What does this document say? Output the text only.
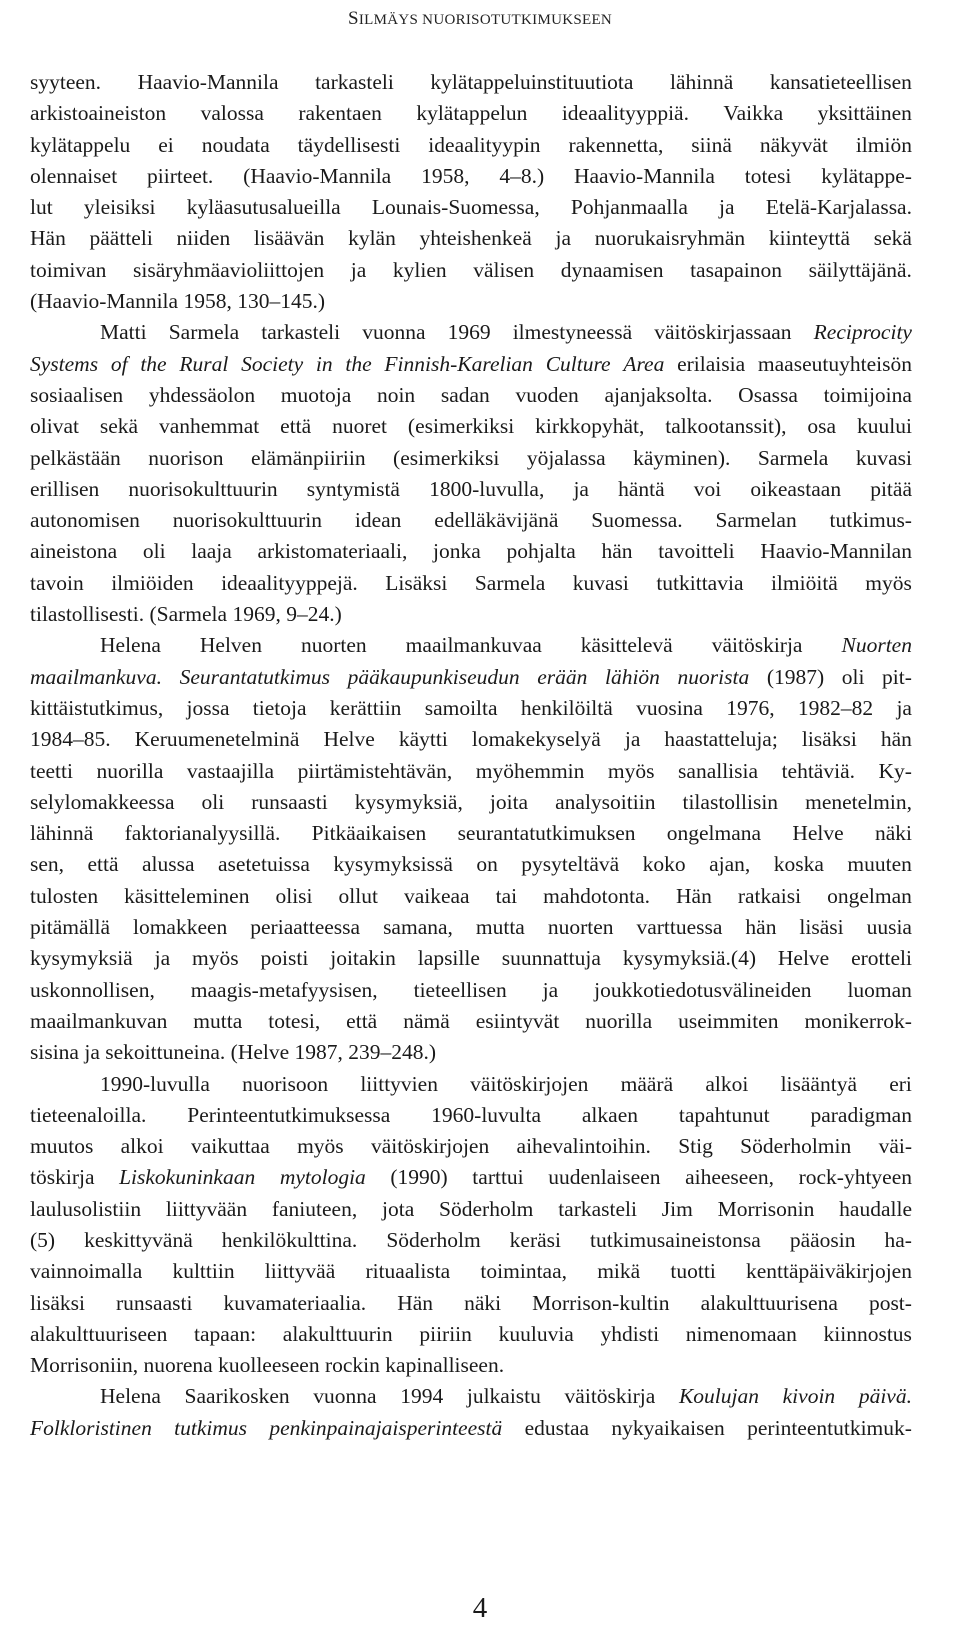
SILMÄYS NUORISOTUTKIMUKSEEN
syyteen. Haavio-Mannila tarkasteli kylätappeluinstituutiota lähinnä kansatieteellisen
arkistoaineiston valossa rakentaen kylätappelun ideaalityyppiä. Vaikka yksittäinen
kylätappelu ei noudata täydellisesti ideaalityypin rakennetta, siinä näkyvät ilmiön
olennaiset piirteet. (Haavio-Mannila 1958, 4–8.) Haavio-Mannila totesi kylätappe-
lut yleisiksi kyläasutusalueilla Lounais-Suomessa, Pohjanmaalla ja Etelä-Karjalassa.
Hän päätteli niiden lisäävän kylän yhteishenkeä ja nuorukaisryhmän kiinteyttä sekä
toimivan sisäryhmäavioliittojen ja kylien välisen dynaamisen tasapainon säilyttäjänä.
(Haavio-Mannila
1958,
130–145.)
Matti Sarmela tarkasteli vuonna 1969 ilmestyneessä väitöskirjassaan Reciprocity
Systems of the Rural Society in the Finnish-Karelian Culture Area erilaisia maaseutuyhteisön
sosiaalisen yhdessäolon muotoja noin sadan vuoden ajanjaksolta. Osassa toimijoina
olivat sekä vanhemmat että nuoret (esimerkiksi kirkkopyhät, talkootanssit), osa kuului
pelkästään nuorison elämänpiiriin (esimerkiksi yöjalassa käyminen). Sarmela kuvasi
erillisen nuorisokulttuurin syntymistä 1800-luvulla, ja häntä voi oikeastaan pitää
autonomisen nuorisokulttuurin idean edelläkävijänä Suomessa. Sarmelan tutkimus-
aineistona oli laaja arkistomateriaali, jonka pohjalta hän tavoitteli Haavio-Mannilan
tavoin ilmiöiden ideaalityyppejä. Lisäksi Sarmela kuvasi tutkittavia ilmiöitä myös
tilastollisesti.
(Sarmela
1969,
9–24.)
Helena Helven nuorten maailmankuvaa käsittelevä väitöskirja Nuorten
maailmankuva. Seurantatutkimus pääkaupunkiseudun erään lähiön nuorista (1987) oli pit-
kittäistutkimus, jossa tietoja kerättiin samoilta henkilöiltä vuosina 1976, 1982–82 ja
1984–85. Keruumenetelminä Helve käytti lomakekyselyä ja haastatteluja; lisäksi hän
teetti nuorilla vastaajilla piirtämistehtävän, myöhemmin myös sanallisia tehtäviä. Ky-
selylomakkeessa oli runsaasti kysymyksiä, joita analysoitiin tilastollisin menetelmin,
lähinnä faktorianalyysillä. Pitkäaikaisen seurantatutkimuksen ongelmana Helve näki
sen, että alussa asetetuissa kysymyksissä on pysyteltävä koko ajan, koska muuten
tulosten käsitteleminen olisi ollut vaikeaa tai mahdotonta. Hän ratkaisi ongelman
pitämällä lomakkeen periaatteessa samana, mutta nuorten varttuessa hän lisäsi uusia
kysymyksiä ja myös poisti joitakin lapsille suunnattuja kysymyksiä.(4) Helve erotteli
uskonnollisen, maagis-metafyysisen, tieteellisen ja joukkotiedotusvälineiden luoman
maailmankuvan mutta totesi, että nämä esiintyvät nuorilla useimmiten monikerrok-
sisina
ja
sekoittuneina.
(Helve
1987,
239–248.)
1990-luvulla nuorisoon liittyvien väitöskirjojen määrä alkoi lisääntyä eri
tieteenaloilla. Perinteentutkimuksessa 1960-luvulta alkaen tapahtunut paradigman
muutos alkoi vaikuttaa myös väitöskirjojen aihevalintoihin. Stig Söderholmin väi-
töskirja Liskokuninkaan mytologia (1990) tarttui uudenlaiseen aiheeseen, rock-yhtyeen
laulusolistiin liittyvään faniuteen, jota Söderholm tarkasteli Jim Morrisonin haudalle
(5) keskittyvänä henkilökulttina. Söderholm keräsi tutkimusaineistonsa pääosin ha-
vainnoimalla kulttiin liittyvää rituaalista toimintaa, mikä tuotti kenttäpäiväkirjojen
lisäksi runsaasti kuvamateriaalia. Hän näki Morrison-kultin alakulttuurisena post-
alakulttuuriseen tapaan: alakulttuurin piiriin kuuluvia yhdisti nimenomaan kiinnostus
Morrisoniin,
nuorena
kuolleeseen
rockin
kapinalliseen.
Helena Saarikosken vuonna 1994 julkaistu väitöskirja Koulujan kivoin päivä.
Folkloristinen tutkimus penkinpainajaisperinteestä edustaa nykyaikaisen perinteentutkimuk-
4
